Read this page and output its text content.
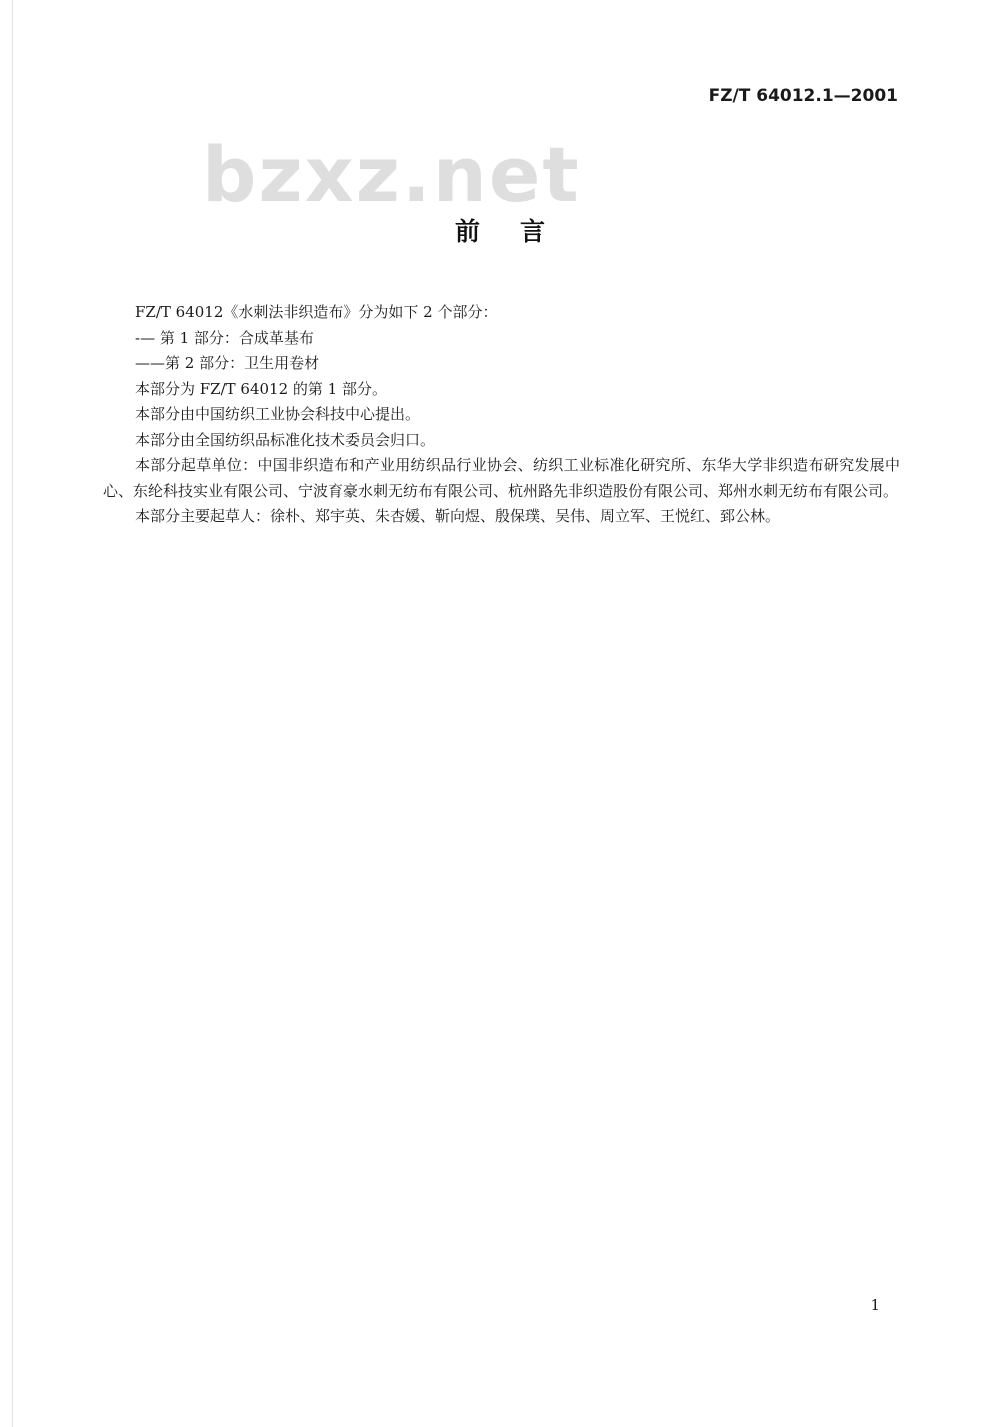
FZ/T 64012.1—2001
bzxz.net
前言

FZ/T 64012《水刺法非织造布》分为如下 2 个部分：

-— 第 1 部分：合成革基布

——第 2 部分：卫生用卷材

本部分为 FZ/T 64012 的第 1 部分。

本部分由中国纺织工业协会科技中心提出。

本部分由全国纺织品标准化技术委员会归口。

本部分起草单位：中国非织造布和产业用纺织品行业协会、纺织工业标准化研究所、东华大学非织造布研究发展中心、东纶科技实业有限公司、宁波育豪水刺无纺布有限公司、杭州路先非织造股份有限公司、郑州水刺无纺布有限公司。

本部分主要起草人：徐朴、郑宇英、朱杏媛、靳向煜、殷保璞、吴伟、周立军、王悦红、郅公林。

1
